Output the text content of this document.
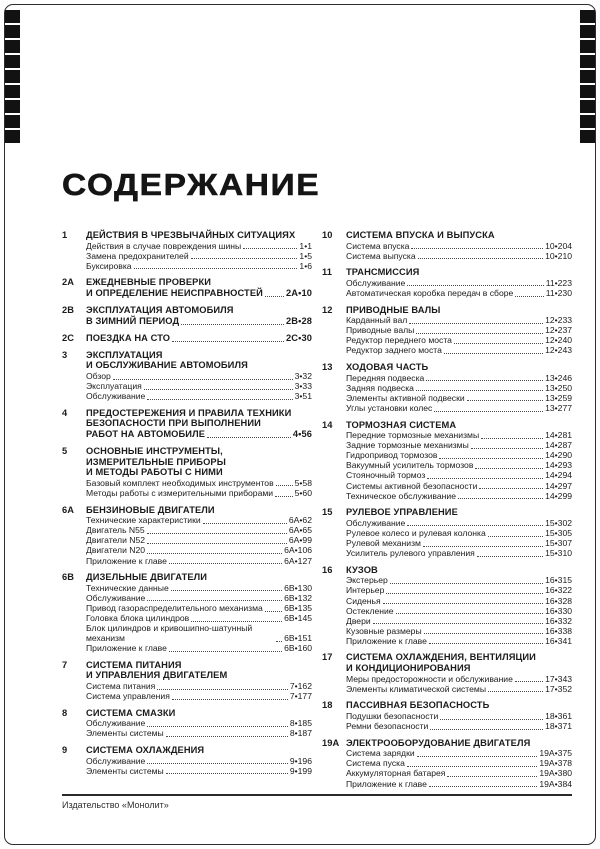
СОДЕРЖАНИЕ
1 ДЕЙСТВИЯ В ЧРЕЗВЫЧАЙНЫХ СИТУАЦИЯХ
Действия в случае повреждения шины	1•1
Замена предохранителей	1•5
Буксировка	1•6
2А ЕЖЕДНЕВНЫЕ ПРОВЕРКИ
И ОПРЕДЕЛЕНИЕ НЕИСПРАВНОСТЕЙ 2А•10
2В ЭКСПЛУАТАЦИЯ АВТОМОБИЛЯ
В ЗИМНИЙ ПЕРИОД	2В•28
2С ПОЕЗДКА НА СТО	2С•30
3 ЭКСПЛУАТАЦИЯ
И ОБСЛУЖИВАНИЕ АВТОМОБИЛЯ
Обзор	3•32
Эксплуатация	3•33
Обслуживание	3•51
4 ПРЕДОСТЕРЕЖЕНИЯ И ПРАВИЛА ТЕХНИКИ
БЕЗОПАСНОСТИ ПРИ ВЫПОЛНЕНИИ
РАБОТ НА АВТОМОБИЛЕ	4•56
5 ОСНОВНЫЕ ИНСТРУМЕНТЫ,
ИЗМЕРИТЕЛЬНЫЕ ПРИБОРЫ
И МЕТОДЫ РАБОТЫ С НИМИ
Базовый комплект необходимых инструментов 5•58
Методы работы с измерительными приборами	5•60
6А БЕНЗИНОВЫЕ ДВИГАТЕЛИ
Технические характеристики	6А•62
Двигатель N55	6А•65
Двигатели N52	6А•99
Двигатели N20	6А•106
Приложение к главе	6А•127
6В ДИЗЕЛЬНЫЕ ДВИГАТЕЛИ
Технические данные	6В•130
Обслуживание	6В•132
Привод газораспределительного механизма 6В•135
Головка блока цилиндров	6В•145
Блок цилиндров и кривошипно-шатунный механизм	6В•151
Приложение к главе	6В•160
7 СИСТЕМА ПИТАНИЯ
И УПРАВЛЕНИЯ ДВИГАТЕЛЕМ
Система питания	7•162
Система управления	7•177
8 СИСТЕМА СМАЗКИ
Обслуживание	8•185
Элементы системы	8•187
9 СИСТЕМА ОХЛАЖДЕНИЯ
Обслуживание	9•196
Элементы системы	9•199
10 СИСТЕМА ВПУСКА И ВЫПУСКА
Система впуска	10•204
Система выпуска	10•210
11 ТРАНСМИССИЯ
Обслуживание	11•223
Автоматическая коробка передач в сборе	11•230
12 ПРИВОДНЫЕ ВАЛЫ
Карданный вал	12•233
Приводные валы	12•237
Редуктор переднего моста	12•240
Редуктор заднего моста	12•243
13 ХОДОВАЯ ЧАСТЬ
Передняя подвеска	13•246
Задняя подвеска	13•250
Элементы активной подвески	13•259
Углы установки колес	13•277
14 ТОРМОЗНАЯ СИСТЕМА
Передние тормозные механизмы	14•281
Задние тормозные механизмы	14•287
Гидропривод тормозов	14•290
Вакуумный усилитель тормозов	14•293
Стояночный тормоз	14•294
Системы активной безопасности	14•297
Техническое обслуживание	14•299
15 РУЛЕВОЕ УПРАВЛЕНИЕ
Обслуживание	15•302
Рулевое колесо и рулевая колонка	15•305
Рулевой механизм	15•307
Усилитель рулевого управления	15•310
16 КУЗОВ
Экстерьер	16•315
Интерьер	16•322
Сиденья	16•328
Остекление	16•330
Двери	16•332
Кузовные размеры	16•338
Приложение к главе	16•341
17 СИСТЕМА ОХЛАЖДЕНИЯ, ВЕНТИЛЯЦИИ
И КОНДИЦИОНИРОВАНИЯ
Меры предосторожности и обслуживание	17•343
Элементы климатической системы	17•352
18 ПАССИВНАЯ БЕЗОПАСНОСТЬ
Подушки безопасности	18•361
Ремни безопасности	18•371
19А ЭЛЕКТРООБОРУДОВАНИЕ ДВИГАТЕЛЯ
Система зарядки	19А•375
Система пуска	19А•378
Аккумуляторная батарея	19А•380
Приложение к главе	19А•384
Издательство «Монолит»
